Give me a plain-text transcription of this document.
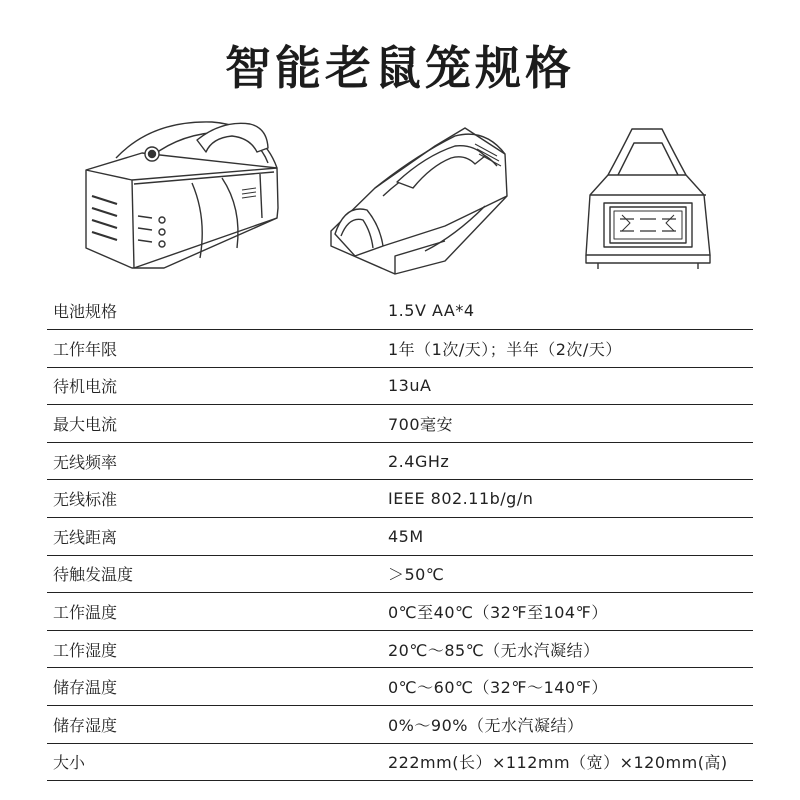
智能老鼠笼规格
电池规格	1.5V AA*4
工作年限	1年（1次/天）；半年（2次/天）
待机电流	13uA
最大电流	700毫安
无线频率	2.4GHz
无线标准	IEEE 802.11b/g/n
无线距离	45M
待触发温度	＞50℃
工作温度	0℃至40℃（32℉至104℉）
工作湿度	20℃～85℃（无水汽凝结）
储存温度	0℃～60℃（32℉～140℉）
储存湿度	0%～90%（无水汽凝结）
大小	222mm(长）×112mm（宽）×120mm(高)
